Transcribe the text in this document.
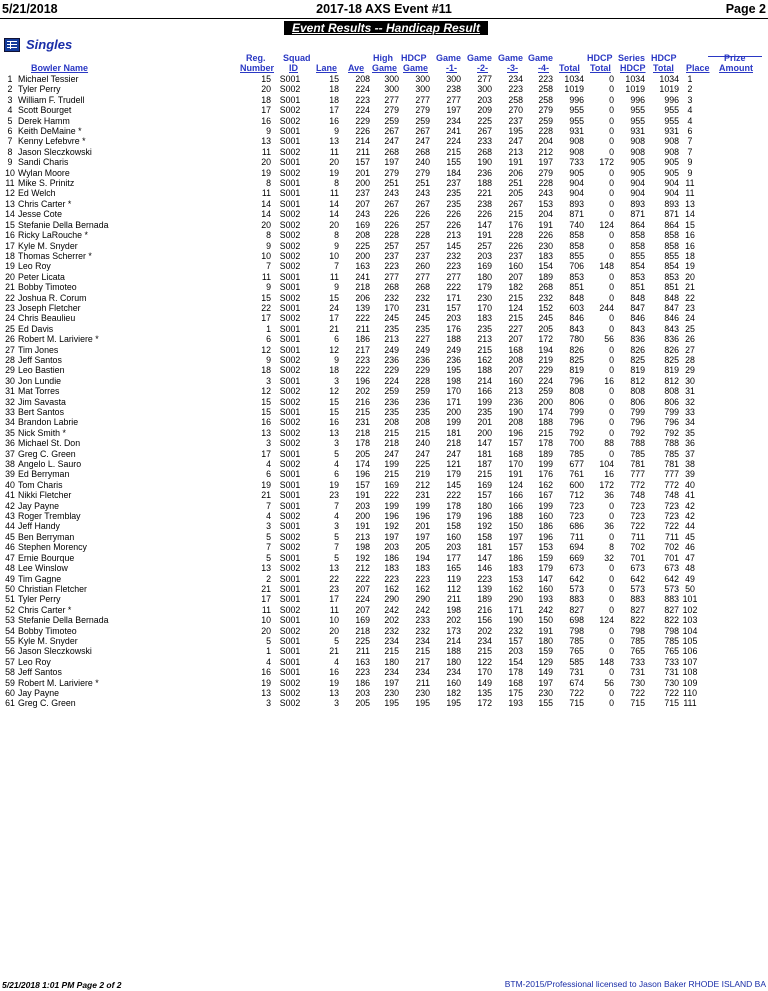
5/21/2018	2017-18 AXS Event #11	Page 2
Event Results -- Handicap Result
Singles
Reg. Squad	High HDCP Game Game Game Game	HDCP Series HDCP	Prize
Bowler Name	Number ID Lane Ave Game Game -1- -2- -3- -4- Total Total HDCP Total Place Amount
1	Michael Tessier	15	S001	15	208	300	300	300	277	234	223	1034	0	1034	1034	1	
2	Tyler Perry	20	S002	18	224	300	300	238	300	223	258	1019	0	1019	1019	2	
3	William F. Trudell	18	S001	18	223	277	277	277	203	258	258	996	0	996	996	3	
4	Scott Bourget	17	S002	17	224	279	279	197	209	270	279	955	0	955	955	4	
5	Derek Hamm	16	S002	16	229	259	259	234	225	237	259	955	0	955	955	4	
6	Keith DeMaine *	9	S001	9	226	267	267	241	267	195	228	931	0	931	931	6	
7	Kenny Lefebvre *	13	S001	13	214	247	247	224	233	247	204	908	0	908	908	7	
8	Jason Sleczkowski	11	S002	11	211	268	268	215	268	213	212	908	0	908	908	7	
9	Sandi Charis	20	S001	20	157	197	240	155	190	191	197	733	172	905	905	9	
10	Wylan Moore	19	S002	19	201	279	279	184	236	206	279	905	0	905	905	9	
11	Mike S. Prinitz	8	S001	8	200	251	251	237	188	251	228	904	0	904	904	11	
12	Ed Welch	11	S001	11	237	243	243	235	221	205	243	904	0	904	904	11	
13	Chris Carter *	14	S001	14	207	267	267	235	238	267	153	893	0	893	893	13	
14	Jesse Cote	14	S002	14	243	226	226	226	226	215	204	871	0	871	871	14	
15	Stefanie Della Bernada	20	S002	20	169	226	257	226	147	176	191	740	124	864	864	15	
16	Ricky LaRouche *	8	S002	8	208	228	228	213	191	228	226	858	0	858	858	16	
17	Kyle M. Snyder	9	S002	9	225	257	257	145	257	226	230	858	0	858	858	16	
18	Thomas Scherrer *	10	S002	10	200	237	237	232	203	237	183	855	0	855	855	18	
19	Leo Roy	7	S002	7	163	223	260	223	169	160	154	706	148	854	854	19	
20	Peter Licata	11	S001	11	241	277	277	277	180	207	189	853	0	853	853	20	
21	Bobby Timoteo	9	S001	9	218	268	268	222	179	182	268	851	0	851	851	21	
22	Joshua R. Corum	15	S002	15	206	232	232	171	230	215	232	848	0	848	848	22	
23	Joseph Fletcher	22	S001	24	139	170	231	157	170	124	152	603	244	847	847	23	
24	Chris Beaulieu	17	S002	17	222	245	245	203	183	215	245	846	0	846	846	24	
25	Ed Davis	1	S001	21	211	235	235	176	235	227	205	843	0	843	843	25	
26	Robert M. Lariviere *	6	S001	6	186	213	227	188	213	207	172	780	56	836	836	26	
27	Tim Jones	12	S001	12	217	249	249	249	215	168	194	826	0	826	826	27	
28	Jeff Santos	9	S002	9	223	236	236	236	162	208	219	825	0	825	825	28	
29	Leo Bastien	18	S002	18	222	229	229	195	188	207	229	819	0	819	819	29	
30	Jon Lundie	3	S001	3	196	224	228	198	214	160	224	796	16	812	812	30	
31	Mat Torres	12	S002	12	202	259	259	170	166	213	259	808	0	808	808	31	
32	Jim Savasta	15	S002	15	216	236	236	171	199	236	200	806	0	806	806	32	
33	Bert Santos	15	S001	15	215	235	235	200	235	190	174	799	0	799	799	33	
34	Brandon Labrie	16	S002	16	231	208	208	199	201	208	188	796	0	796	796	34	
35	Nick Smith *	13	S002	13	218	215	215	181	200	196	215	792	0	792	792	35	
36	Michael St. Don	3	S002	3	178	218	240	218	147	157	178	700	88	788	788	36	
37	Greg C. Green	17	S001	5	205	247	247	247	181	168	189	785	0	785	785	37	
38	Angelo L. Sauro	4	S002	4	174	199	225	121	187	170	199	677	104	781	781	38	
39	Ed Berryman	6	S001	6	196	215	219	179	215	191	176	761	16	777	777	39	
40	Tom Charis	19	S001	19	157	169	212	145	169	124	162	600	172	772	772	40	
41	Nikki Fletcher	21	S001	23	191	222	231	222	157	166	167	712	36	748	748	41	
42	Jay Payne	7	S001	7	203	199	199	178	180	166	199	723	0	723	723	42	
43	Roger Tremblay	4	S002	4	200	196	196	179	196	188	160	723	0	723	723	42	
44	Jeff Handy	3	S001	3	191	192	201	158	192	150	186	686	36	722	722	44	
45	Ben Berryman	5	S002	5	213	197	197	160	158	197	196	711	0	711	711	45	
46	Stephen Morency	7	S002	7	198	203	205	203	181	157	153	694	8	702	702	46	
47	Ernie Bourque	5	S001	5	192	186	194	177	147	186	159	669	32	701	701	47	
48	Lee Winslow	13	S002	13	212	183	183	165	146	183	179	673	0	673	673	48	
49	Tim Gagne	2	S001	22	222	223	223	119	223	153	147	642	0	642	642	49	
50	Christian Fletcher	21	S001	23	207	162	162	112	139	162	160	573	0	573	573	50	
51	Tyler Perry	17	S001	17	224	290	290	211	189	290	193	883	0	883	883	101	
52	Chris Carter *	11	S002	11	207	242	242	198	216	171	242	827	0	827	827	102	
53	Stefanie Della Bernada	10	S001	10	169	202	233	202	156	190	150	698	124	822	822	103	
54	Bobby Timoteo	20	S002	20	218	232	232	173	202	232	191	798	0	798	798	104	
55	Kyle M. Snyder	5	S001	5	225	234	234	214	234	157	180	785	0	785	785	105	
56	Jason Sleczkowski	1	S001	21	211	215	215	188	215	203	159	765	0	765	765	106	
57	Leo Roy	4	S001	4	163	180	217	180	122	154	129	585	148	733	733	107	
58	Jeff Santos	16	S001	16	223	234	234	234	170	178	149	731	0	731	731	108	
59	Robert M. Lariviere *	19	S002	19	186	197	211	160	149	168	197	674	56	730	730	109	
60	Jay Payne	13	S002	13	203	230	230	182	135	175	230	722	0	722	722	110	
61	Greg C. Green	3	S002	3	205	195	195	195	172	193	155	715	0	715	715	111	
5/21/2018 1:01 PM Page 2 of 2	BTM-2015/Professional licensed to Jason Baker RHODE ISLAND BA
